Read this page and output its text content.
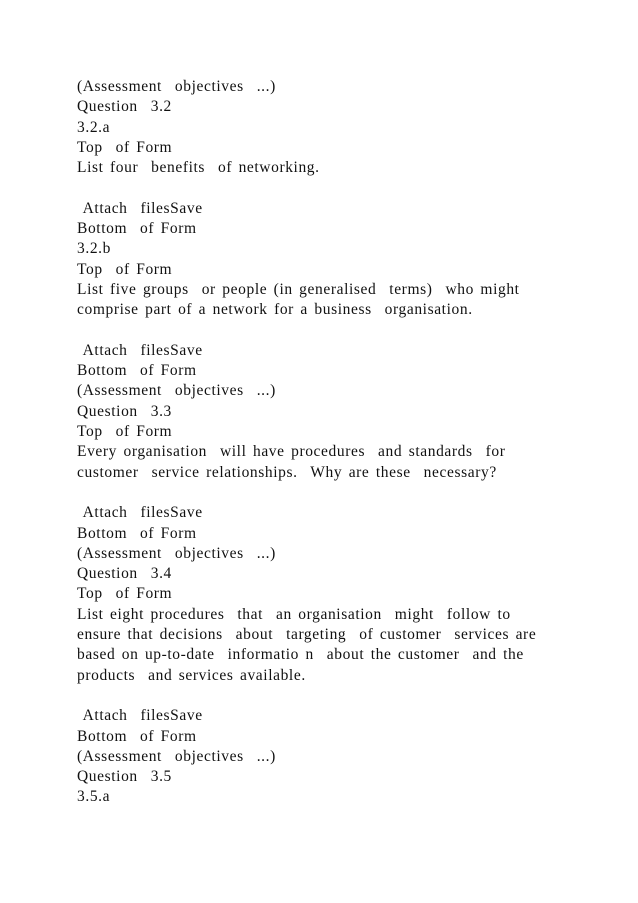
(Assessment  objectives  ...)
Question  3.2
3.2.a
Top  of Form
List four  benefits  of networking.
Attach  filesSave
Bottom  of Form
3.2.b
Top  of Form
List five groups  or people (in generalised  terms)  who might
comprise part of a network for a business  organisation.
Attach  filesSave
Bottom  of Form
(Assessment  objectives  ...)
Question  3.3
Top  of Form
Every organisation  will have procedures  and standards  for
customer  service relationships.  Why are these  necessary?
Attach  filesSave
Bottom  of Form
(Assessment  objectives  ...)
Question  3.4
Top  of Form
List eight procedures  that  an organisation  might  follow to
ensure that decisions  about  targeting  of customer  services are
based on up-to-date  informatio n  about the customer  and the
products  and services available.
Attach  filesSave
Bottom  of Form
(Assessment  objectives  ...)
Question  3.5
3.5.a
